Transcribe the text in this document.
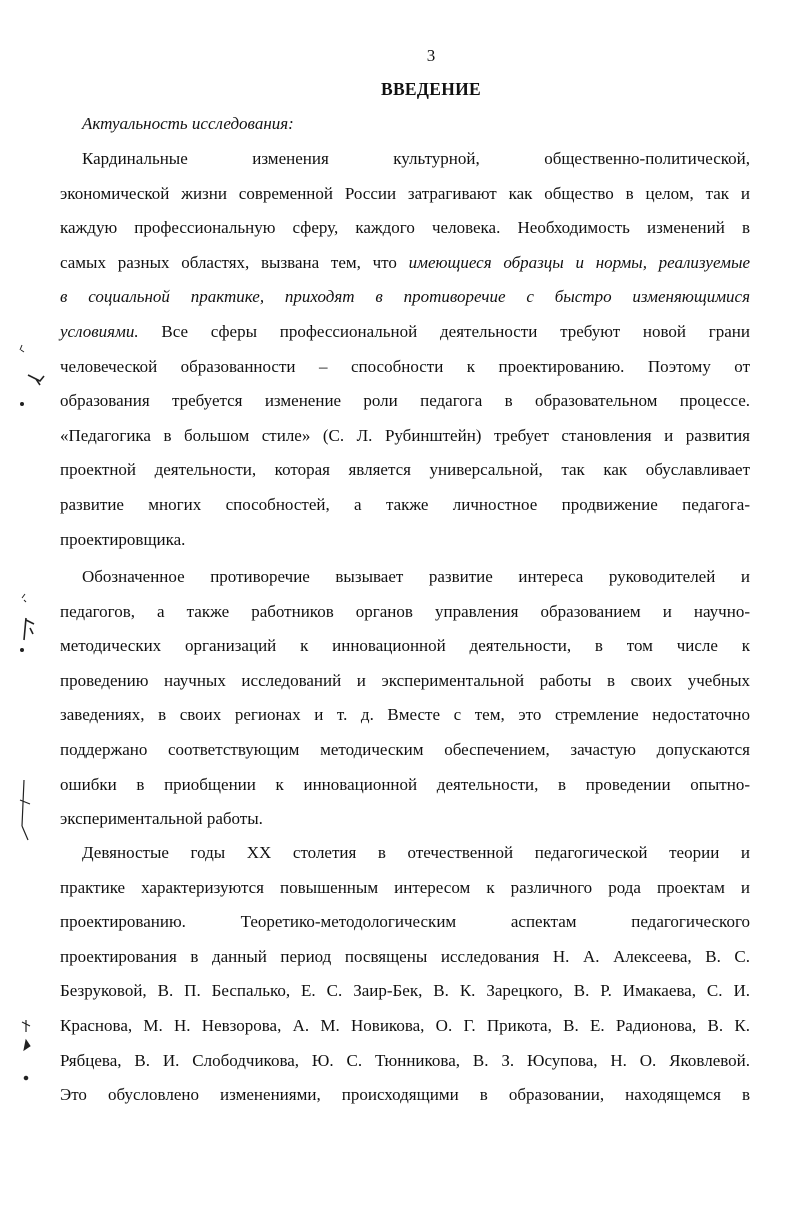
3
ВВЕДЕНИЕ
Актуальность исследования:
Кардинальные изменения культурной, общественно-политической,
экономической жизни современной России затрагивают как общество в целом, так и
каждую профессиональную сферу, каждого человека. Необходимость изменений в
самых разных областях, вызвана тем, что имеющиеся образцы и нормы, реализуемые
в социальной практике, приходят в противоречие с быстро изменяющимися
условиями. Все сферы профессиональной деятельности требуют новой грани
человеческой образованности – способности к проектированию. Поэтому от
образования требуется изменение роли педагога в образовательном процессе.
«Педагогика в большом стиле» (С. Л. Рубинштейн) требует становления и развития
проектной деятельности, которая является универсальной, так как обуславливает
развитие многих способностей, а также личностное продвижение педагога-
проектировщика.
Обозначенное противоречие вызывает развитие интереса руководителей и
педагогов, а также работников органов управления образованием и научно-
методических организаций к инновационной деятельности, в том числе к
проведению научных исследований и экспериментальной работы в своих учебных
заведениях, в своих регионах и т. д. Вместе с тем, это стремление недостаточно
поддержано соответствующим методическим обеспечением, зачастую допускаются
ошибки в приобщении к инновационной деятельности, в проведении опытно-
экспериментальной работы.
Девяностые годы XX столетия в отечественной педагогической теории и
практике характеризуются повышенным интересом к различного рода проектам и
проектированию. Теоретико-методологическим аспектам педагогического
проектирования в данный период посвящены исследования Н. А. Алексеева, В. С.
Безруковой, В. П. Беспалько, Е. С. Заир-Бек, В. К. Зарецкого, В. Р. Имакаева, С. И.
Краснова, М. Н. Невзорова, А. М. Новикова, О. Г. Прикота, В. Е. Радионова, В. К.
Рябцева, В. И. Слободчикова, Ю. С. Тюнникова, В. З. Юсупова, Н. О. Яковлевой.
Это обусловлено изменениями, происходящими в образовании, находящемся в
